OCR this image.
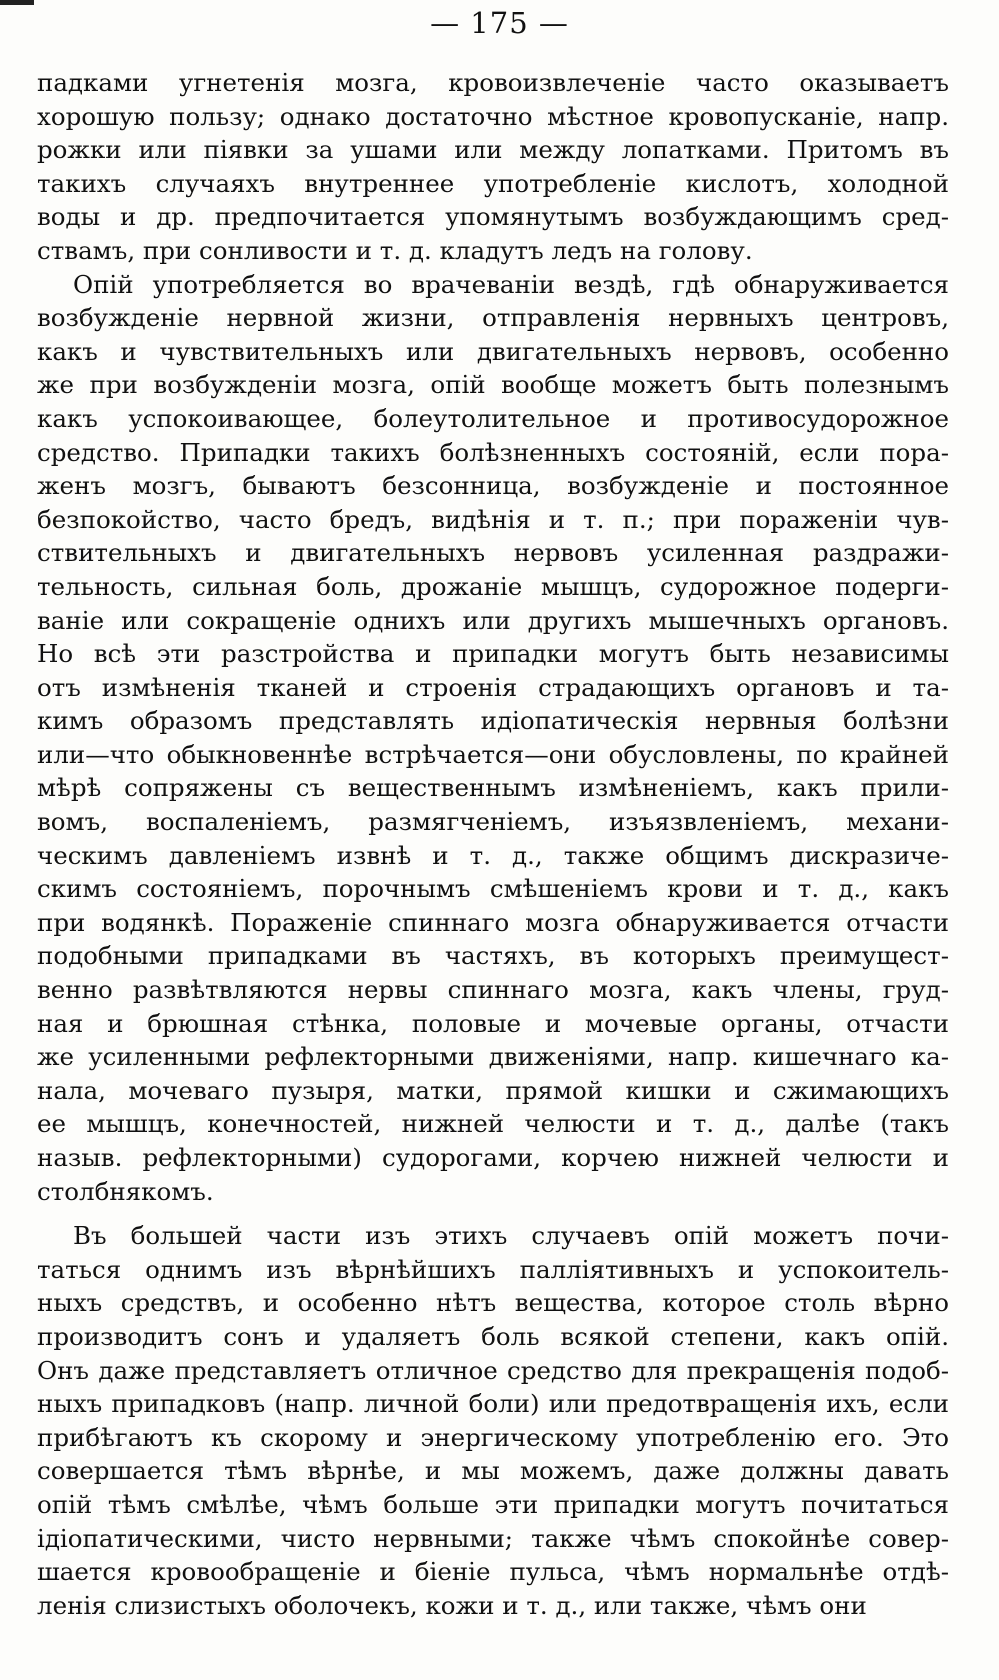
— 175 —
падками угнетенія мозга, кровоизвлеченіе часто оказываетъ
хорошую пользу; однако достаточно мѣстное кровопусканіе, напр.
рожки или піявки за ушами или между лопатками. Притомъ въ
такихъ случаяхъ внутреннее употребленіе кислотъ, холодной
воды и др. предпочитается упомянутымъ возбуждающимъ сред-
ствамъ, при сонливости и т. д. кладутъ ледъ на голову.
Опій употребляется во врачеваніи вездѣ, гдѣ обнаруживается
возбужденіе нервной жизни, отправленія нервныхъ центровъ,
какъ и чувствительныхъ или двигательныхъ нервовъ, особенно
же при возбужденіи мозга, опій вообще можетъ быть полезнымъ
какъ успокоивающее, болеутолительное и противосудорожное
средство. Припадки такихъ болѣзненныхъ состояній, если пора-
женъ мозгъ, бываютъ безсонница, возбужденіе и постоянное
безпокойство, часто бредъ, видѣнія и т. п.; при пораженіи чув-
ствительныхъ и двигательныхъ нервовъ усиленная раздражи-
тельность, сильная боль, дрожаніе мышцъ, судорожное подерги-
ваніе или сокращеніе однихъ или другихъ мышечныхъ органовъ.
Но всѣ эти разстройства и припадки могутъ быть независимы
отъ измѣненія тканей и строенія страдающихъ органовъ и та-
кимъ образомъ представлять идіопатическія нервныя болѣзни
или—что обыкновеннѣе встрѣчается—они обусловлены, по крайней
мѣрѣ сопряжены съ вещественнымъ измѣненіемъ, какъ прили-
вомъ, воспаленіемъ, размягченіемъ, изъязвленіемъ, механи-
ческимъ давленіемъ извнѣ и т. д., также общимъ дискразиче-
скимъ состояніемъ, порочнымъ смѣшеніемъ крови и т. д., какъ
при водянкѣ. Пораженіе спиннаго мозга обнаруживается отчасти
подобными припадками въ частяхъ, въ которыхъ преимущест-
венно развѣтвляются нервы спиннаго мозга, какъ члены, груд-
ная и брюшная стѣнка, половые и мочевые органы, отчасти
же усиленными рефлекторными движеніями, напр. кишечнаго ка-
нала, мочеваго пузыря, матки, прямой кишки и сжимающихъ
ее мышцъ, конечностей, нижней челюсти и т. д., далѣе (такъ
назыв. рефлекторными) судорогами, корчею нижней челюсти и
столбнякомъ.
Въ большей части изъ этихъ случаевъ опій можетъ почи-
таться однимъ изъ вѣрнѣйшихъ палліятивныхъ и успокоитель-
ныхъ средствъ, и особенно нѣтъ вещества, которое столь вѣрно
производитъ сонъ и удаляетъ боль всякой степени, какъ опій.
Онъ даже представляетъ отличное средство для прекращенія подоб-
ныхъ припадковъ (напр. личной боли) или предотвращенія ихъ, если
прибѣгаютъ къ скорому и энергическому употребленію его. Это
совершается тѣмъ вѣрнѣе, и мы можемъ, даже должны давать
опій тѣмъ смѣлѣе, чѣмъ больше эти припадки могутъ почитаться
ідіопатическими, чисто нервными; также чѣмъ спокойнѣе совер-
шается кровообращеніе и біеніе пульса, чѣмъ нормальнѣе отдѣ-
ленія слизистыхъ оболочекъ, кожи и т. д., или также, чѣмъ они
